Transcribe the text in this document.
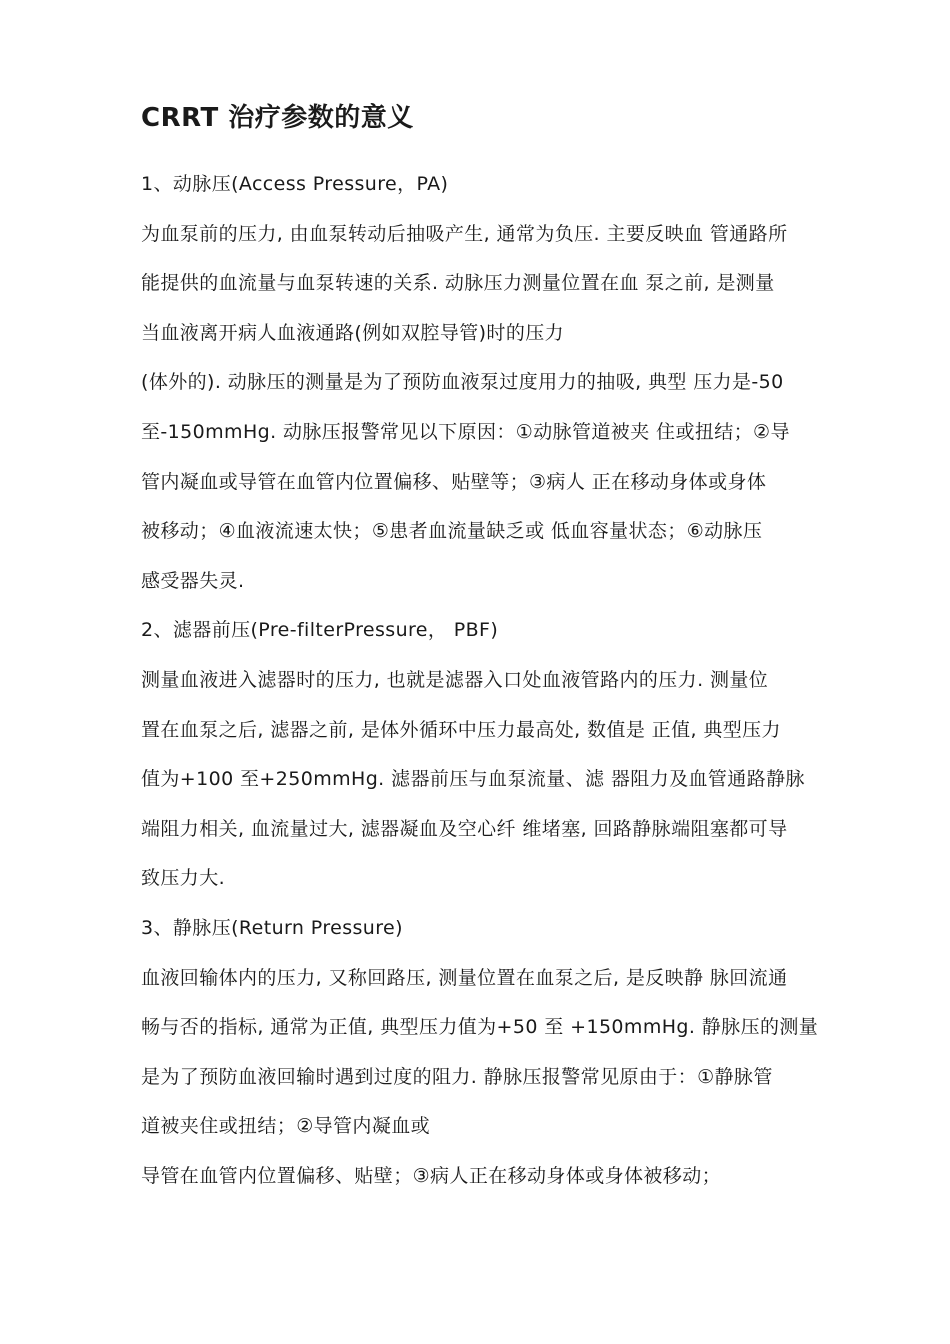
CRRT 治疗参数的意义
1、动脉压(Access Pressure，PA)
为血泵前的压力, 由血泵转动后抽吸产生, 通常为负压. 主要反映血 管通路所
能提供的血流量与血泵转速的关系. 动脉压力测量位置在血 泵之前, 是测量
当血液离开病人血液通路(例如双腔导管)时的压力
(体外的). 动脉压的测量是为了预防血液泵过度用力的抽吸, 典型 压力是-50
至-150mmHg. 动脉压报警常见以下原因：①动脉管道被夹 住或扭结；②导
管内凝血或导管在血管内位置偏移、贴壁等；③病人 正在移动身体或身体
被移动；④血液流速太快；⑤患者血流量缺乏或 低血容量状态；⑥动脉压
感受器失灵.
2、滤器前压(Pre-filterPressure， PBF)
测量血液进入滤器时的压力, 也就是滤器入口处血液管路内的压力. 测量位
置在血泵之后, 滤器之前, 是体外循环中压力最高处, 数值是 正值, 典型压力
值为+100 至+250mmHg. 滤器前压与血泵流量、滤 器阻力及血管通路静脉
端阻力相关, 血流量过大, 滤器凝血及空心纤 维堵塞, 回路静脉端阻塞都可导
致压力大.
3、静脉压(Return Pressure)
血液回输体内的压力, 又称回路压, 测量位置在血泵之后, 是反映静 脉回流通
畅与否的指标, 通常为正值, 典型压力值为+50 至 +150mmHg. 静脉压的测量
是为了预防血液回输时遇到过度的阻力. 静脉压报警常见原由于：①静脉管
道被夹住或扭结；②导管内凝血或
导管在血管内位置偏移、贴壁；③病人正在移动身体或身体被移动；
